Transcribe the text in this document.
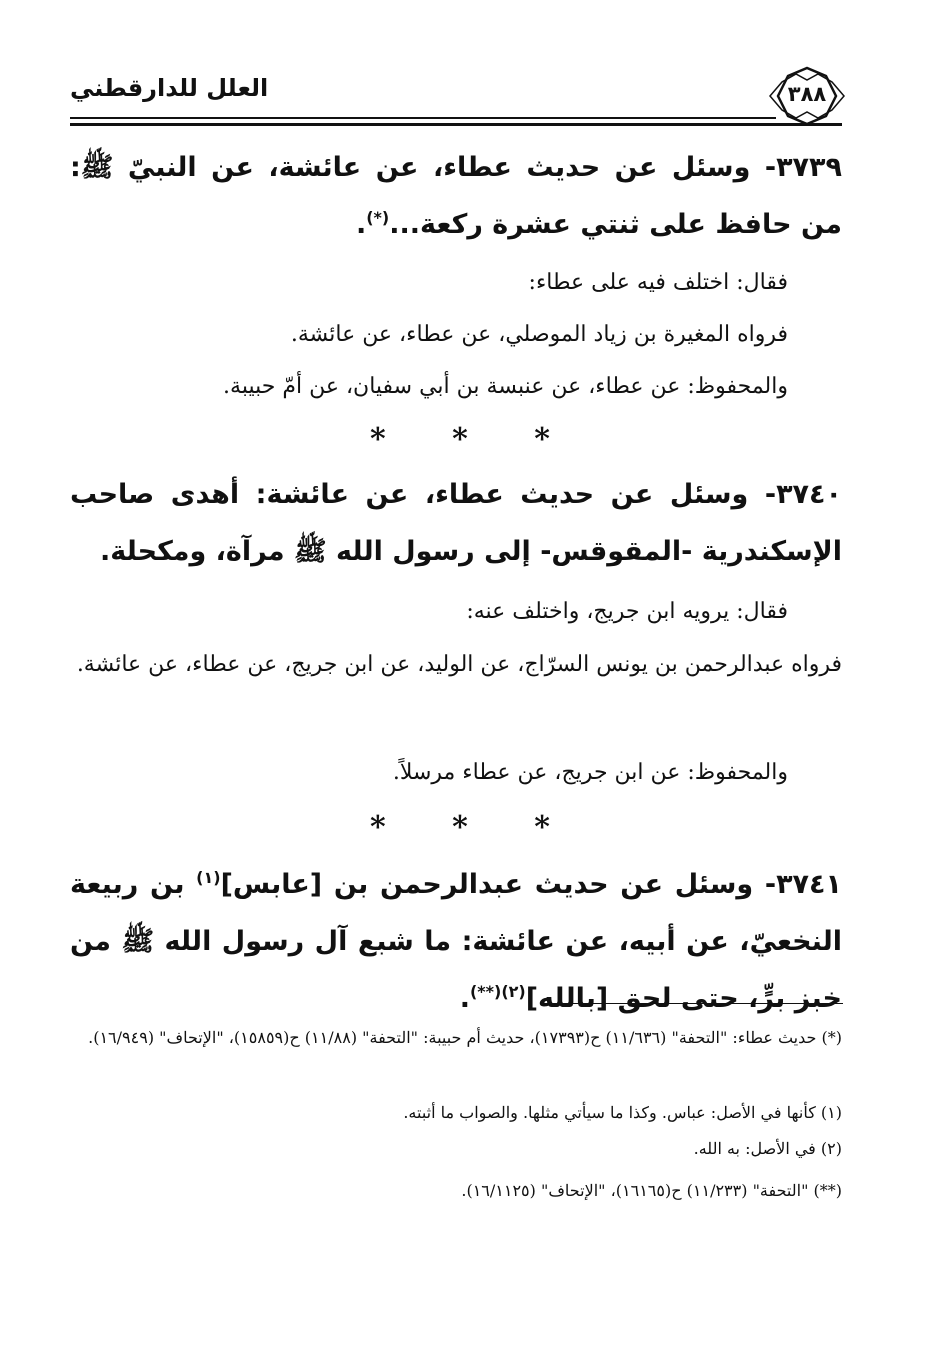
العلل للدارقطني	٣٨٨
٣٧٣٩- وسئل عن حديث عطاء، عن عائشة، عن النبيّ ﷺ: من حافظ على ثنتي عشرة ركعة...(*).
فقال: اختلف فيه على عطاء:
فرواه المغيرة بن زياد الموصلي، عن عطاء، عن عائشة.
والمحفوظ: عن عطاء، عن عنبسة بن أبي سفيان، عن أمّ حبيبة.
* * *
٣٧٤٠- وسئل عن حديث عطاء، عن عائشة: أهدى صاحب الإسكندرية -المقوقس- إلى رسول الله ﷺ مرآة، ومكحلة.
فقال: يرويه ابن جريج، واختلف عنه:
فرواه عبدالرحمن بن يونس السرّاج، عن الوليد، عن ابن جريج، عن عطاء، عن عائشة.
والمحفوظ: عن ابن جريج، عن عطاء مرسلاً.
* * *
٣٧٤١- وسئل عن حديث عبدالرحمن بن [عابس]$^{(١)}$ بن ربيعة النخعيّ، عن أبيه، عن عائشة: ما شبع آل رسول الله ﷺ من خبز برٍّ، حتى لحق [بالله]$^{(٢)(**)}$.
(*) حديث عطاء: "التحفة" (١١/٦٣٦) ح(١٧٣٩٣)، حديث أم حبيبة: "التحفة" (١١/٨٨) ح(١٥٨٥٩)، "الإتحاف" (١٦/٩٤٩).
(١) كأنها في الأصل: عباس. وكذا ما سيأتي مثلها. والصواب ما أثبته.
(٢) في الأصل: به الله.
(**) "التحفة" (١١/٢٣٣) ح(١٦١٦٥)، "الإتحاف" (١٦/١١٢٥).
